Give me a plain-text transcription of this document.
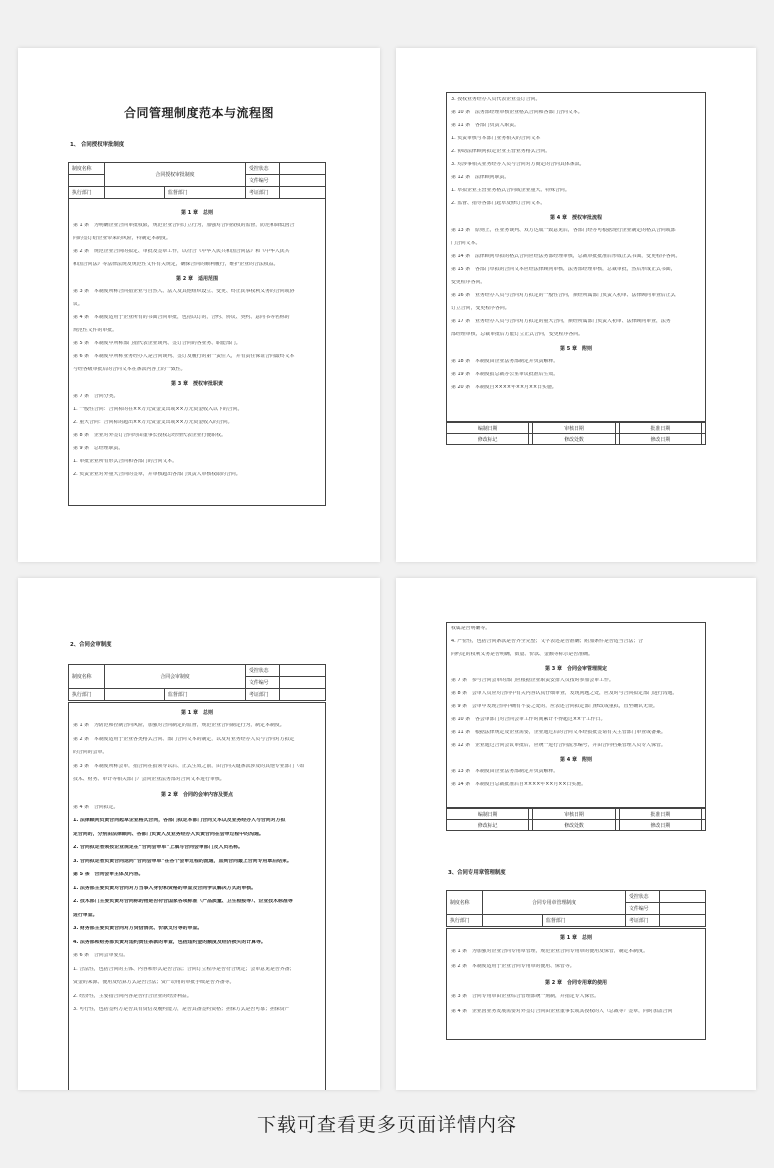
合同管理制度范本与流程图
1、 合同授权审批制度
制度名称	合同授权审批制度		受控状态	
			文件编号	
执行部门		监督部门	考证部门	
第 1 章　总则
第 1 条　为明确企业合同审批权限，规范企业合同订立行为，加强对合同授权的监督，防范和降低因合
同的签订给企业带来的风险，特制定本制度。
第 2 条　规范企业合同的拟定、审批及签章工作，以符合《中华人民共和国合同法》和《中华人民共
和国合同法》等法律法规及规范性文件有关规定，确保合同的顺利履行，维护企业的合法权益。
第 2 章　适用范围
第 3 条　本制度所称合同指企业与自然人、法人及其他组织设立、变更、终止民事权利义务的合同或协
议。
第 4 条　本制度适用于企业所有的书面合同审批，包括以订的，合约、协议、契约、意向书等名称的
规范性文件的审批。
第 5 条　本制度中所称部门指代表企业谈判、签订合同的各业务、职能部门。
第 6 条　本制度中所称业务经办人是合同谈判、签订及履行的第一责任人，并有责任保证合同最终文本
与经各级审批后的合同文本在条款内容上的一致性。
第 3 章　授权审批职责
第 7 条　合同分类。
1. 一般性合同：合同标的在××万元资金支出或××万元资金收入以下的合同。
2. 重大合同：合同标的超出××万元资金支出或××万元资金收入的合同。
第 8 条　企业对外签订合同均由董事长授权总经理代表企业行使职权。
第 9 条　总经理职责。
1. 审批企业所有形式合同和各部门的合同文本。
2. 负责企业对外重大合同的签章，并审核超出各部门负责人审核权限的合同。
编制日期		审核日期		批准日期	
修改标记		修改处数		修改日期	
3. 授权业务经办人员代表企业签订合同。
第 10 条　法务部经理审核企业格式合同和各部门合同文本。
第 11 条　各部门负责人职责。
1. 负责审核与本部门业务相关的合同文本
2. 协助法律顾问拟定企业主营业务格式合同。
3. 对涉事相关业务经办人员与合同对方商定的合同具体条款。
第 12 条　法律顾问职责。
1. 草拟企业主营业务格式合同或企业重大、特殊合同。
2. 监督、指导各部门起草及修订合同文本。
第 4 章　授权审批流程
第 13 条　原则上，在业务谈判、双方达成一致意见后，各部门经办可根据现行企业制定的格式合同或部
门合同文本。
第 14 条　法律顾问草拟的格式合同应经法务部经理审核，总裁审批批准后形成正式书面，变更程序各同。
第 15 条　各部门草拟的合同文本应经法律顾问审核，法务部经理审核，总裁审批，然后形成正式书面，
变更程序各同。
第 16 条　业务经办人员与合同对方拟定的一般性合同，须经所属部门负责人初审、法律顾问审查后正式
订立合同，变更程序各同。
第 17 条　业务经办人员与合同对方拟定的重大合同，须经所属部门负责人初审、法律顾问审查，法务
部经理审核，总裁审批后方能订立正式合同，变更程序各同。
第 5 章　附则
第 18 条　本制度由企业法务部制定并负责解释。
第 19 条　本制度报总裁办公室审议批准后生效。
第 20 条　本制度自××××年××月××日实施。
2、合同会审制度
制度名称	合同会审制度		受控状态	
			文件编号	
执行部门		监督部门	考证部门	
第 1 章　总则
第 1 条　为防范和控制合同风险，加强对合同制定的监督，规范企业合同制定行为，制定本制度。
第 2 条　本制度适用于企业各类格式合同、部门合同文本的制定，以及对业务经办人员与合同对方拟定
的合同的会审。
第 3 条　本制度所称会审，指合同在报领导以后、正式生效之前，由合同关键条款涉及的其他专业部门（如
技术、财务、审计等相关部门）会同企业法务部对合同文本进行审核。
第 2 章　合同的会审内容及要点
第 4 条　合同拟定。
1. 法律顾问负责合同起草企业格式合同，各部门拟定本部门合同文本以及业务经办人与合同对方拟
定合同的，分别由法律顾问、各部门负责人及业务经办人负责合同在会审过程中的沟通。
2. 合同拟定者须按企业规定在“合同会审单”上填写合同会审部门及人员名称。
3. 合同拟定者负责合同送同“合同会审单”在各个会审过程的流通，直到合同最上合同专用章后结束。
第 5 条　合同会审主体及内容。
1. 法务部主要负责对合同对方当事人身份和资格的审查及合同争议解决方式的审核。
2. 技术部门主要负责对合同标的物是否符合国家各项标准（产品质量、卫生检疫等）、企业技术标准等
进行审查。
3. 财务部主要负责合同对方资信情况、价款支付等的审查。
4. 法务部和财务部负责对违约责任条款的审查，包括违约金的额度及经济损失的计算等。
第 6 条　合同会审要点。
1. 合法性，包括合同的主体、内容和形式是否合法；合同订立程序是否符合规定；会审意见是否齐备；
资金的来源、使用及结算方式是否合法；资产动用的审批手续是否齐备等。
2. 经济性，主要指合同内容是否符合企业的经济利益。
3. 可行性，包括签约方是否具有资信及履约能力，是否具备签约资格；担保方式是否可靠；担保资产
编制日期		审核日期		批准日期	
修改标记		修改处数		修改日期	
3、合同专用章管理制度
制度名称	合同专用章管理制度		受控状态	
			文件编号	
执行部门		监督部门	考证部门	
权属是否明确等。
4. 严密性，包括合同条款是否齐全完整；文字表述是否准确；附加条件是否适当合法；合
同约定的权利义务是否明确，数量、价款、金额等标示是否准确。
第 3 章　合同会审管理规定
第 7 条　参与合同会审的部门应根据企业职责安排人员按时参加会审工作。
第 8 条　会审人员应对合同中有关内容认真仔细审查，发现问题之处，应及时与合同拟定部门进行沟通。
第 9 条　会审中发现合同中确有不妥之处的，应表述合同拟定部门修改或重拟，直至确认无误。
第 10 条　各会审部门对合同会审工作时间累计不得超过××个工作日。
第 11 条　根据法律规定及企业需要，企业通过后的合同文本经报批签请有关主管部门审查或备案。
第 12 条　企业通过合同会议审批后，应统一进行合同流水编号，并由合同档案管理人员专人保管。
第 4 章　附则
第 13 条　本制度由企业法务部制定并负责解释。
第 14 条　本制度自总裁批准后自××××年××月××日实施。
第 1 章　总则
第 1 条　为加强对企业合同专用章管理，规范企业合同专用章的使用及保管，制定本制度。
第 2 条　本制度适用于企业合同专用章的使用、保管等。
第 2 章　合同专用章的使用
第 3 条　合同专用章由企业综合管理部统一刻制，并指定专人保管。
第 4 条　企业因业务发展需要对外签订合同由企业董事长或其授权的人（总裁等）签章，同时加盖合同
下载可查看更多页面详情内容
